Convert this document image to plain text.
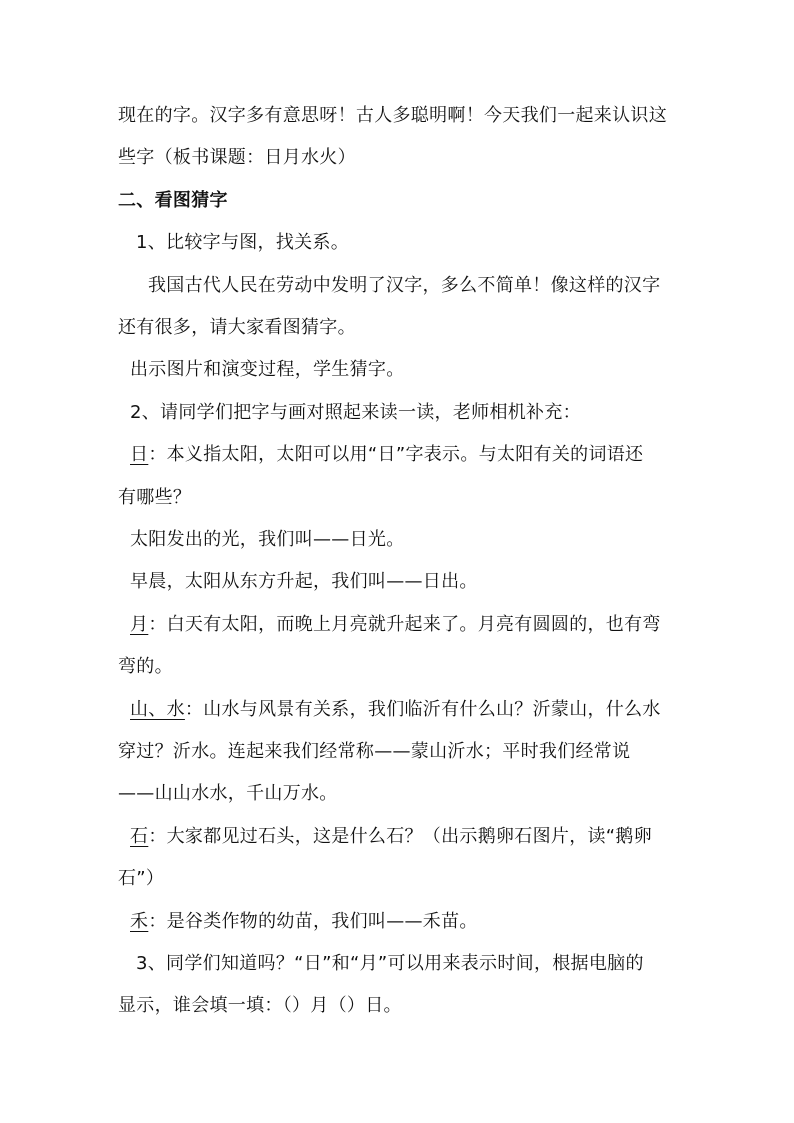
现在的字。汉字多有意思呀！古人多聪明啊！今天我们一起来认识这
些字（板书课题：日月水火）
二、看图猜字
1、比较字与图，找关系。
我国古代人民在劳动中发明了汉字，多么不简单！像这样的汉字
还有很多，请大家看图猜字。
出示图片和演变过程，学生猜字。
2、请同学们把字与画对照起来读一读，老师相机补充：
日：本义指太阳，太阳可以用“日”字表示。与太阳有关的词语还
有哪些？
太阳发出的光，我们叫——日光。
早晨，太阳从东方升起，我们叫——日出。
月：白天有太阳，而晚上月亮就升起来了。月亮有圆圆的，也有弯
弯的。
山、水：山水与风景有关系，我们临沂有什么山？沂蒙山，什么水
穿过？沂水。连起来我们经常称——蒙山沂水；平时我们经常说
——山山水水，千山万水。
石：大家都见过石头，这是什么石？（出示鹅卵石图片，读“鹅卵
石”）
禾：是谷类作物的幼苗，我们叫——禾苗。
3、同学们知道吗？“日”和“月”可以用来表示时间，根据电脑的
显示，谁会填一填：（）月（）日。
